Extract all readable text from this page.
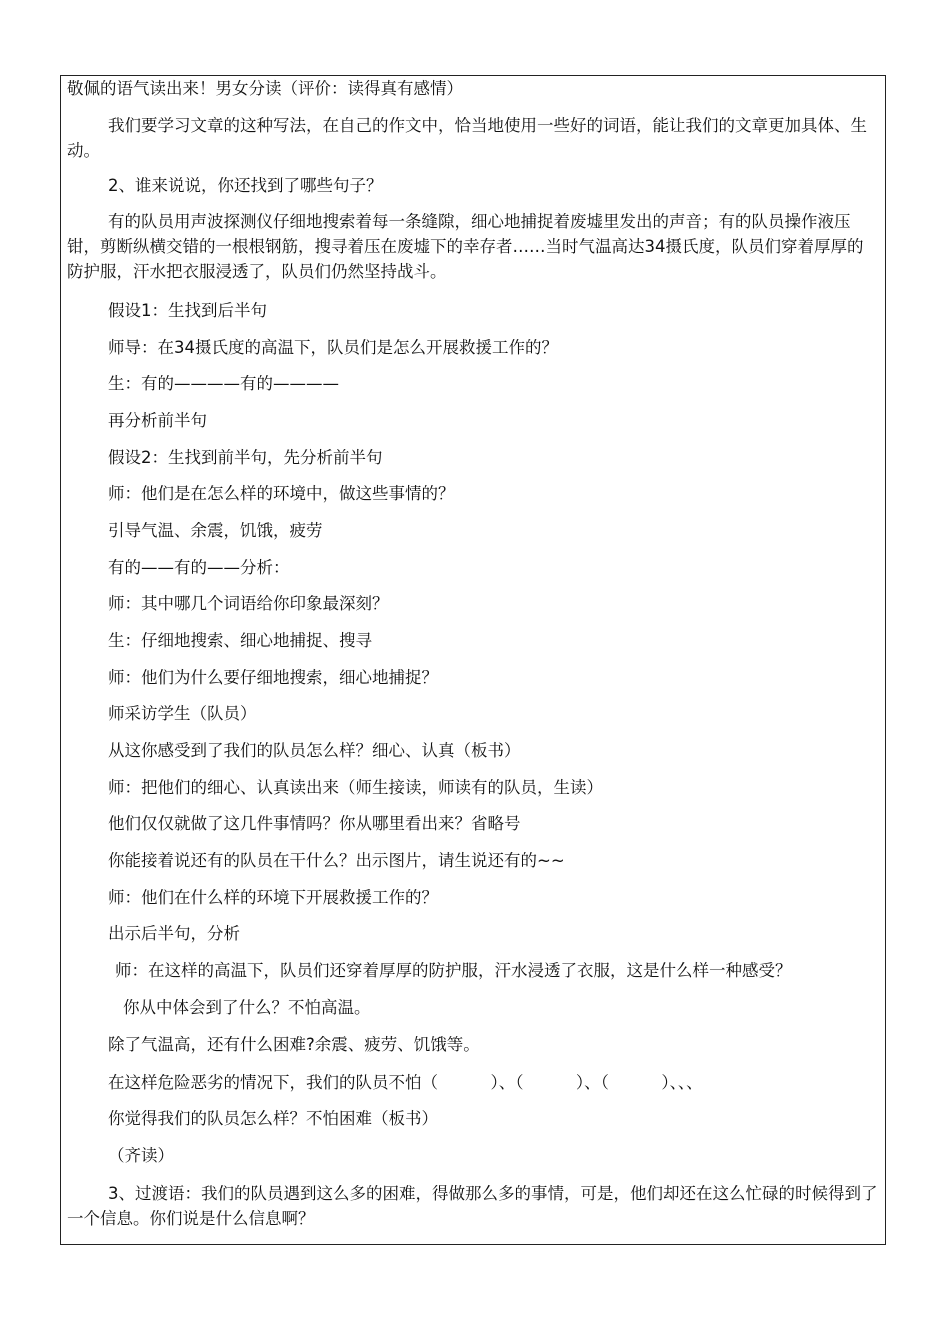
敬佩的语气读出来！男女分读（评价：读得真有感情）
我们要学习文章的这种写法，在自己的作文中，恰当地使用一些好的词语，能让我们的文章更加具体、生动。
2、谁来说说，你还找到了哪些句子？
有的队员用声波探测仪仔细地搜索着每一条缝隙，细心地捕捉着废墟里发出的声音；有的队员操作液压钳，剪断纵横交错的一根根钢筋，搜寻着压在废墟下的幸存者……当时气温高达34摄氏度，队员们穿着厚厚的防护服，汗水把衣服浸透了，队员们仍然坚持战斗。
假设1：生找到后半句
师导：在34摄氏度的高温下，队员们是怎么开展救援工作的？
生：有的————有的————
再分析前半句
假设2：生找到前半句，先分析前半句
师：他们是在怎么样的环境中，做这些事情的？
引导气温、余震，饥饿，疲劳
有的——有的——分析：
师：其中哪几个词语给你印象最深刻？
生：仔细地搜索、细心地捕捉、搜寻
师：他们为什么要仔细地搜索，细心地捕捉？
师采访学生（队员）
从这你感受到了我们的队员怎么样？细心、认真（板书）
师：把他们的细心、认真读出来（师生接读，师读有的队员，生读）
他们仅仅就做了这几件事情吗？你从哪里看出来？省略号
你能接着说还有的队员在干什么？出示图片，请生说还有的~~
师：他们在什么样的环境下开展救援工作的？
出示后半句，分析
师：在这样的高温下，队员们还穿着厚厚的防护服，汗水浸透了衣服，这是什么样一种感受？
你从中体会到了什么？不怕高温。
除了气温高，还有什么困难?余震、疲劳、饥饿等。
在这样危险恶劣的情况下，我们的队员不怕（          ）、（          ）、（          ）、、、
你觉得我们的队员怎么样？不怕困难（板书）
（齐读）
3、过渡语：我们的队员遇到这么多的困难，得做那么多的事情，可是，他们却还在这么忙碌的时候得到了一个信息。你们说是什么信息啊？
